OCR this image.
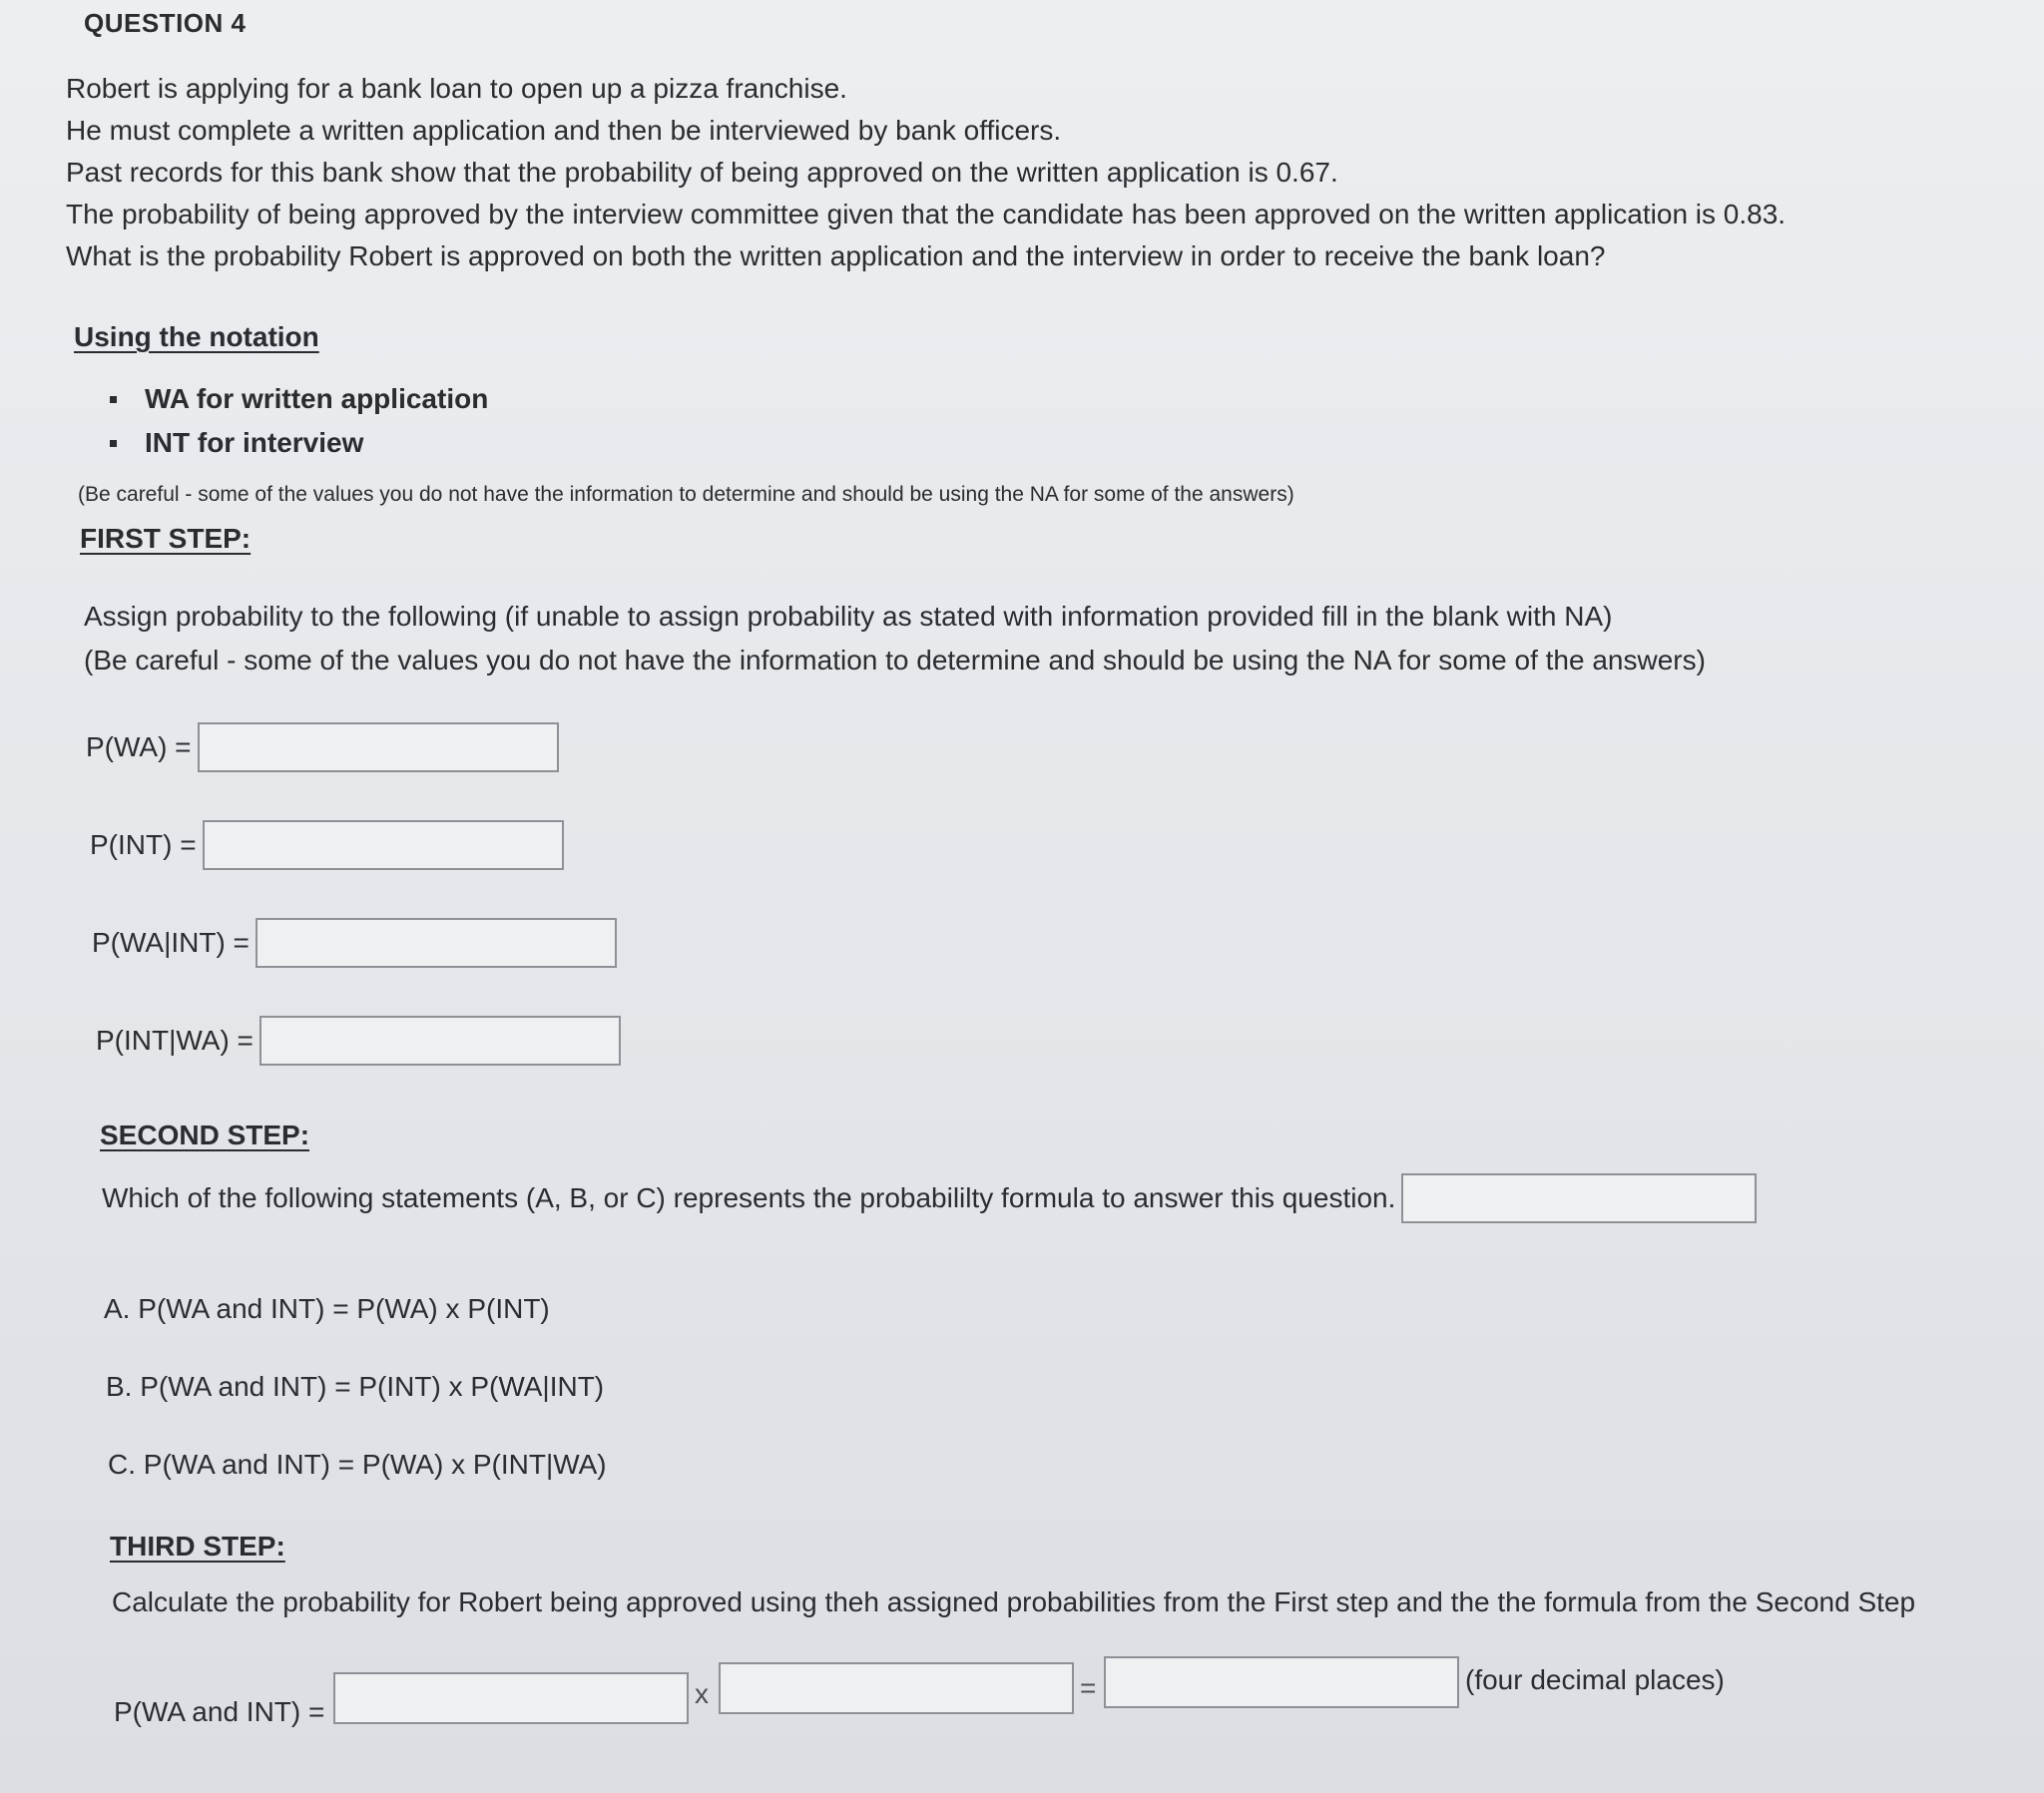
QUESTION 4

Robert is applying for a bank loan to open up a pizza franchise.

He must complete a written application and then be interviewed by bank officers.

Past records for this bank show that the probability of being approved on the written application is 0.67.

The probability of being approved by the interview committee given that the candidate has been approved on the written application is 0.83.

What is the probability Robert is approved on both the written application and the interview in order to receive the bank loan?

Using the notation
WA for written application
INT for interview
(Be careful - some of the values you do not have the information to determine and should be using the NA for some of the answers)
FIRST STEP:

Assign probability to the following (if unable to assign probability as stated with information provided fill in the blank with NA)

(Be careful - some of the values you do not have the information to determine and should be using the NA for some of the answers)

P(WA) =
P(INT) =
P(WA|INT) =
P(INT|WA) =
SECOND STEP:
Which of the following statements (A, B, or C) represents the probabililty formula to answer this question.
A. P(WA and INT) = P(WA) x P(INT)
B. P(WA and INT) = P(INT) x P(WA|INT)
C. P(WA and INT) = P(WA) x P(INT|WA)
THIRD STEP:
Calculate the probability for Robert being approved using theh assigned probabilities from the First step and the the formula from the Second Step
P(WA and INT) =
x	=	(four decimal places)
